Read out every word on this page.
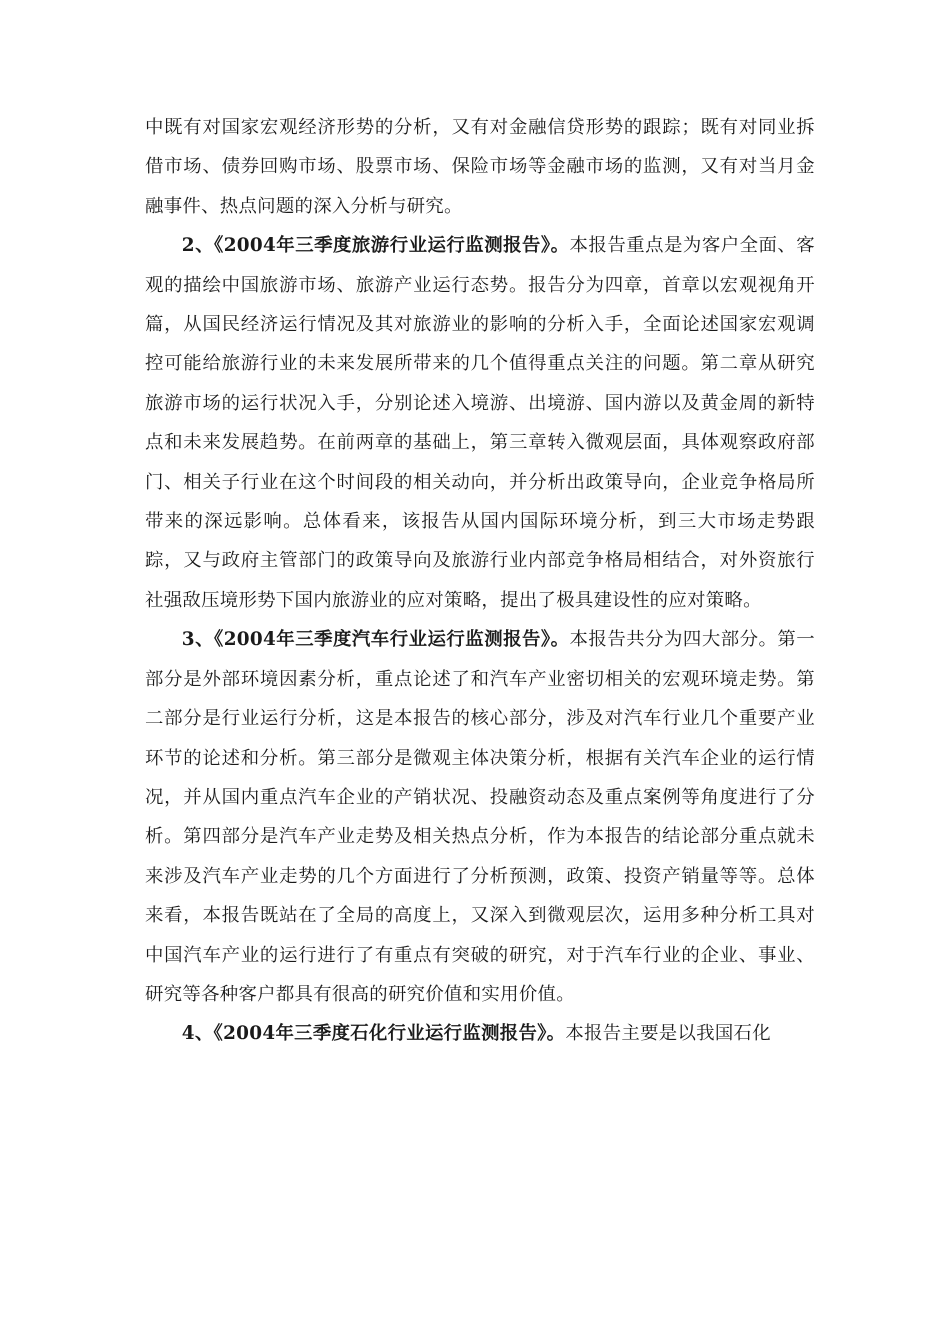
中既有对国家宏观经济形势的分析，又有对金融信贷形势的跟踪；既有对同业拆借市场、债券回购市场、股票市场、保险市场等金融市场的监测，又有对当月金融事件、热点问题的深入分析与研究。

2、《2004年三季度旅游行业运行监测报告》。本报告重点是为客户全面、客观的描绘中国旅游市场、旅游产业运行态势。报告分为四章，首章以宏观视角开篇，从国民经济运行情况及其对旅游业的影响的分析入手，全面论述国家宏观调控可能给旅游行业的未来发展所带来的几个值得重点关注的问题。第二章从研究旅游市场的运行状况入手，分别论述入境游、出境游、国内游以及黄金周的新特点和未来发展趋势。在前两章的基础上，第三章转入微观层面，具体观察政府部门、相关子行业在这个时间段的相关动向，并分析出政策导向，企业竞争格局所带来的深远影响。总体看来，该报告从国内国际环境分析，到三大市场走势跟踪，又与政府主管部门的政策导向及旅游行业内部竞争格局相结合，对外资旅行社强敌压境形势下国内旅游业的应对策略，提出了极具建设性的应对策略。

3、《2004年三季度汽车行业运行监测报告》。本报告共分为四大部分。第一部分是外部环境因素分析，重点论述了和汽车产业密切相关的宏观环境走势。第二部分是行业运行分析，这是本报告的核心部分，涉及对汽车行业几个重要产业环节的论述和分析。第三部分是微观主体决策分析，根据有关汽车企业的运行情况，并从国内重点汽车企业的产销状况、投融资动态及重点案例等角度进行了分析。第四部分是汽车产业走势及相关热点分析，作为本报告的结论部分重点就未来涉及汽车产业走势的几个方面进行了分析预测，政策、投资产销量等等。总体来看，本报告既站在了全局的高度上，又深入到微观层次，运用多种分析工具对中国汽车产业的运行进行了有重点有突破的研究，对于汽车行业的企业、事业、研究等各种客户都具有很高的研究价值和实用价值。

4、《2004年三季度石化行业运行监测报告》。本报告主要是以我国石化
